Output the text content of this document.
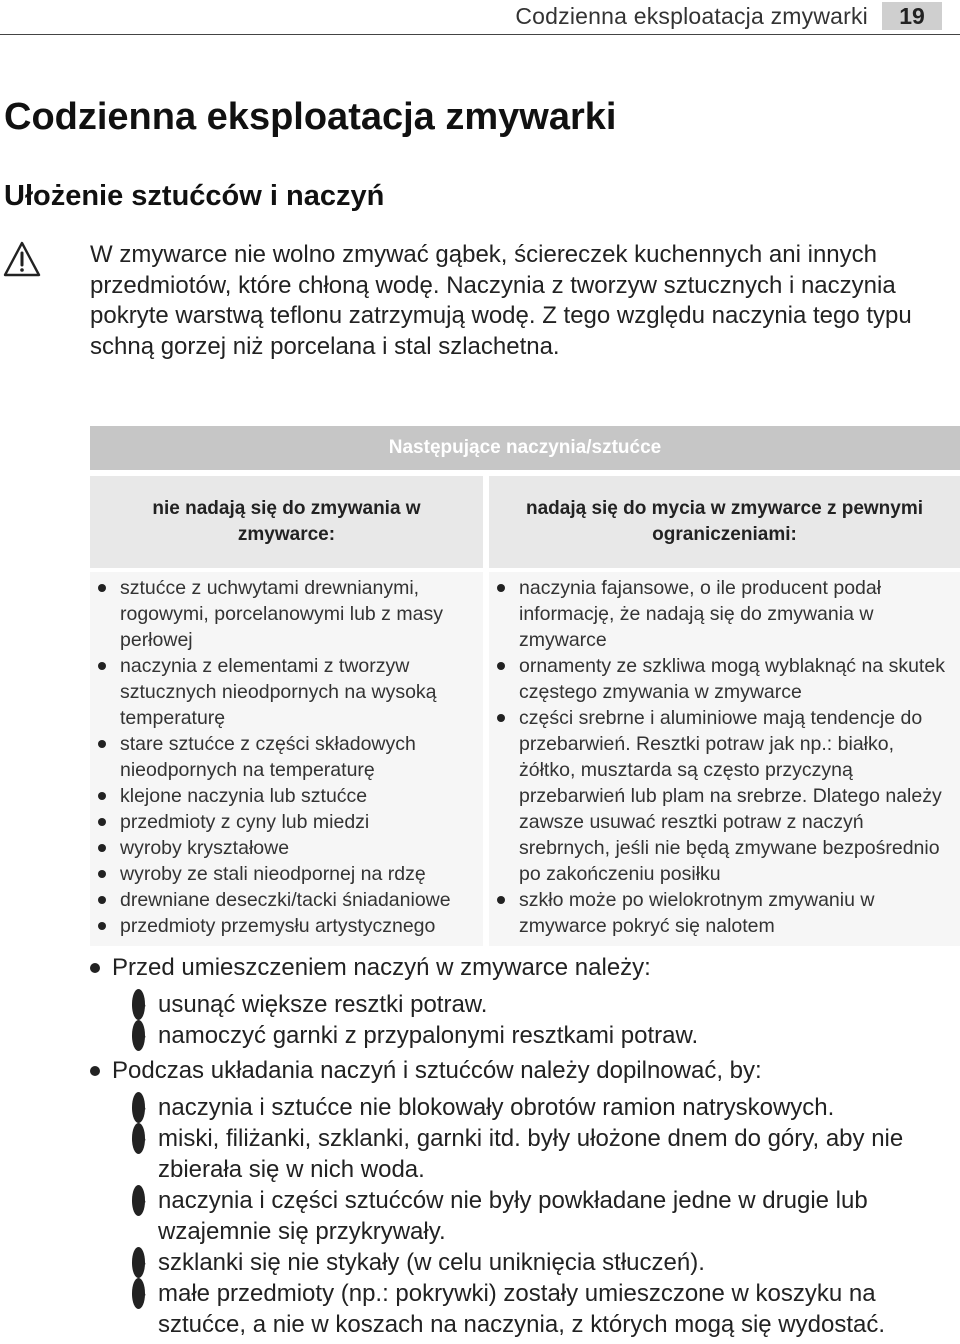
Codzienna eksploatacja zmywarki	19
Codzienna eksploatacja zmywarki
Ułożenie sztućców i naczyń

W zmywarce nie wolno zmywać gąbek, ściereczek kuchennych ani innych przedmiotów, które chłoną wodę. Naczynia z tworzyw sztucznych i naczynia pokryte warstwą teflonu zatrzymują wodę. Z tego względu naczynia tego typu schną gorzej niż porcelana i stal szlachetna.

Następujące naczynia/sztućce
nie nadają się do zmywania w zmywarce:
nadają się do mycia w zmywarce z pewnymi ograniczeniami:
sztućce z uchwytami drewnianymi, rogowymi, porcelanowymi lub z masy perłowej
naczynia z elementami z tworzyw sztucznych nieodpornych na wysoką temperaturę
stare sztućce z części składowych nieodpornych na temperaturę
klejone naczynia lub sztućce
przedmioty z cyny lub miedzi
wyroby kryształowe
wyroby ze stali nieodpornej na rdzę
drewniane deseczki/tacki śniadaniowe
przedmioty przemysłu artystycznego
naczynia fajansowe, o ile producent podał informację, że nadają się do zmywania w zmywarce
ornamenty ze szkliwa mogą wyblaknąć na skutek częstego zmywania w zmywarce
części srebrne i aluminiowe mają tendencje do przebarwień. Resztki potraw jak np.: białko, żółtko, musztarda są często przyczyną przebarwień lub plam na srebrze. Dlatego należy zawsze usuwać resztki potraw z naczyń srebrnych, jeśli nie będą zmywane bezpośrednio po zakończeniu posiłku
szkło może po wielokrotnym zmywaniu w zmywarce pokryć się nalotem
Przed umieszczeniem naczyń w zmywarce należy:
– usunąć większe resztki potraw.
– namoczyć garnki z przypalonymi resztkami potraw.
Podczas układania naczyń i sztućców należy dopilnować, by:
– naczynia i sztućce nie blokowały obrotów ramion natryskowych.
– miski, filiżanki, szklanki, garnki itd. były ułożone dnem do góry, aby nie zbierała się w nich woda.
– naczynia i części sztućców nie były powkładane jedne w drugie lub wzajemnie się przykrywały.
– szklanki się nie stykały (w celu uniknięcia stłuczeń).
– małe przedmioty (np.: pokrywki) zostały umieszczone w koszyku na sztućce, a nie w koszach na naczynia, z których mogą się wydostać.
